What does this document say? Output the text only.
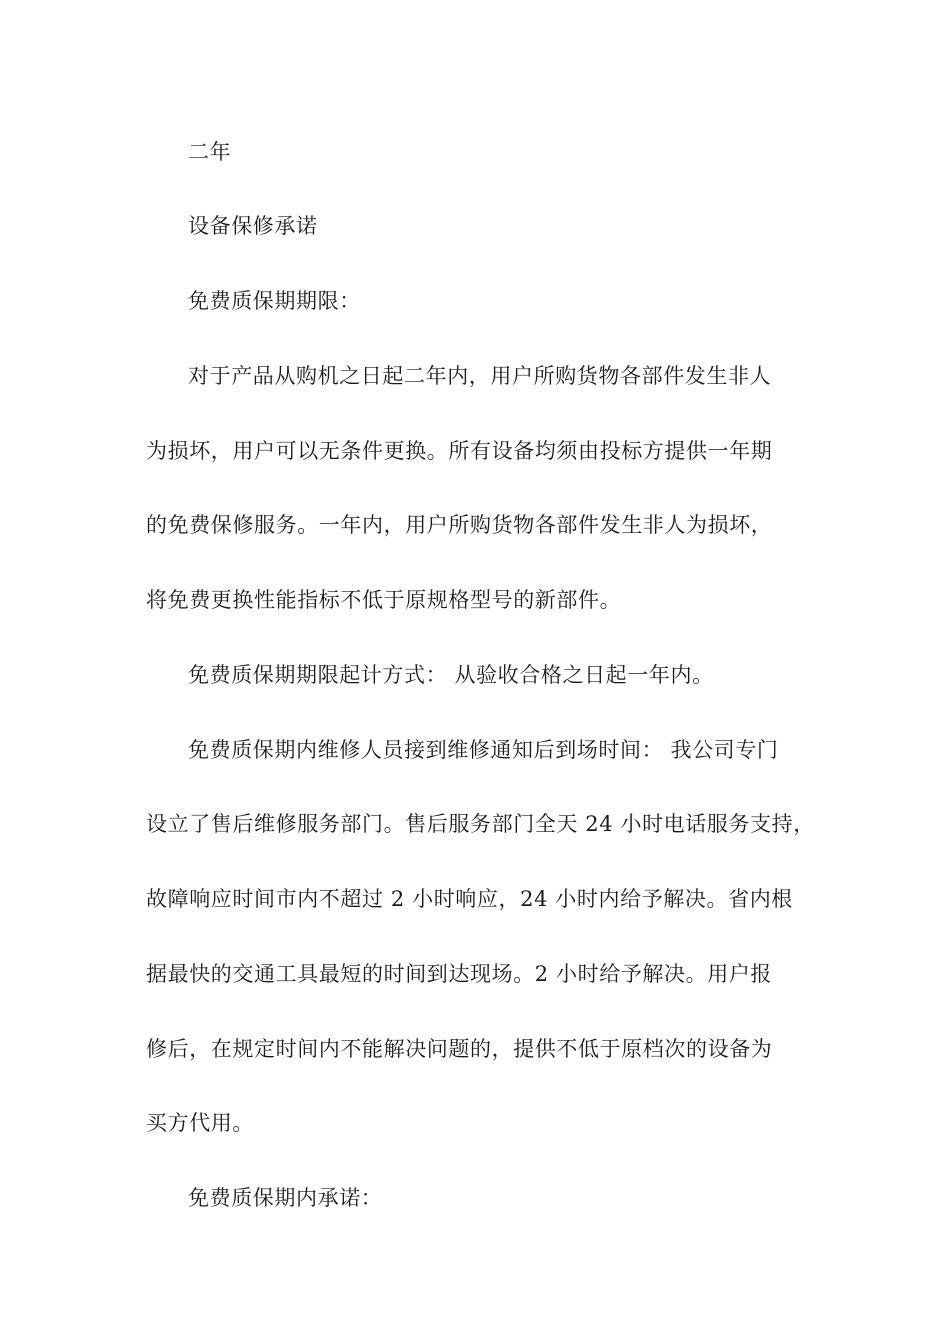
二年
设备保修承诺
免费质保期期限：
对于产品从购机之日起二年内，用户所购货物各部件发生非人
为损坏，用户可以无条件更换。所有设备均须由投标方提供一年期
的免费保修服务。一年内，用户所购货物各部件发生非人为损坏，
将免费更换性能指标不低于原规格型号的新部件。
免费质保期期限起计方式： 从验收合格之日起一年内。
免费质保期内维修人员接到维修通知后到场时间： 我公司专门
设立了售后维修服务部门。售后服务部门全天 24 小时电话服务支持，
故障响应时间市内不超过 2 小时响应，24 小时内给予解决。省内根
据最快的交通工具最短的时间到达现场。2 小时给予解决。用户报
修后，在规定时间内不能解决问题的，提供不低于原档次的设备为
买方代用。
免费质保期内承诺：
